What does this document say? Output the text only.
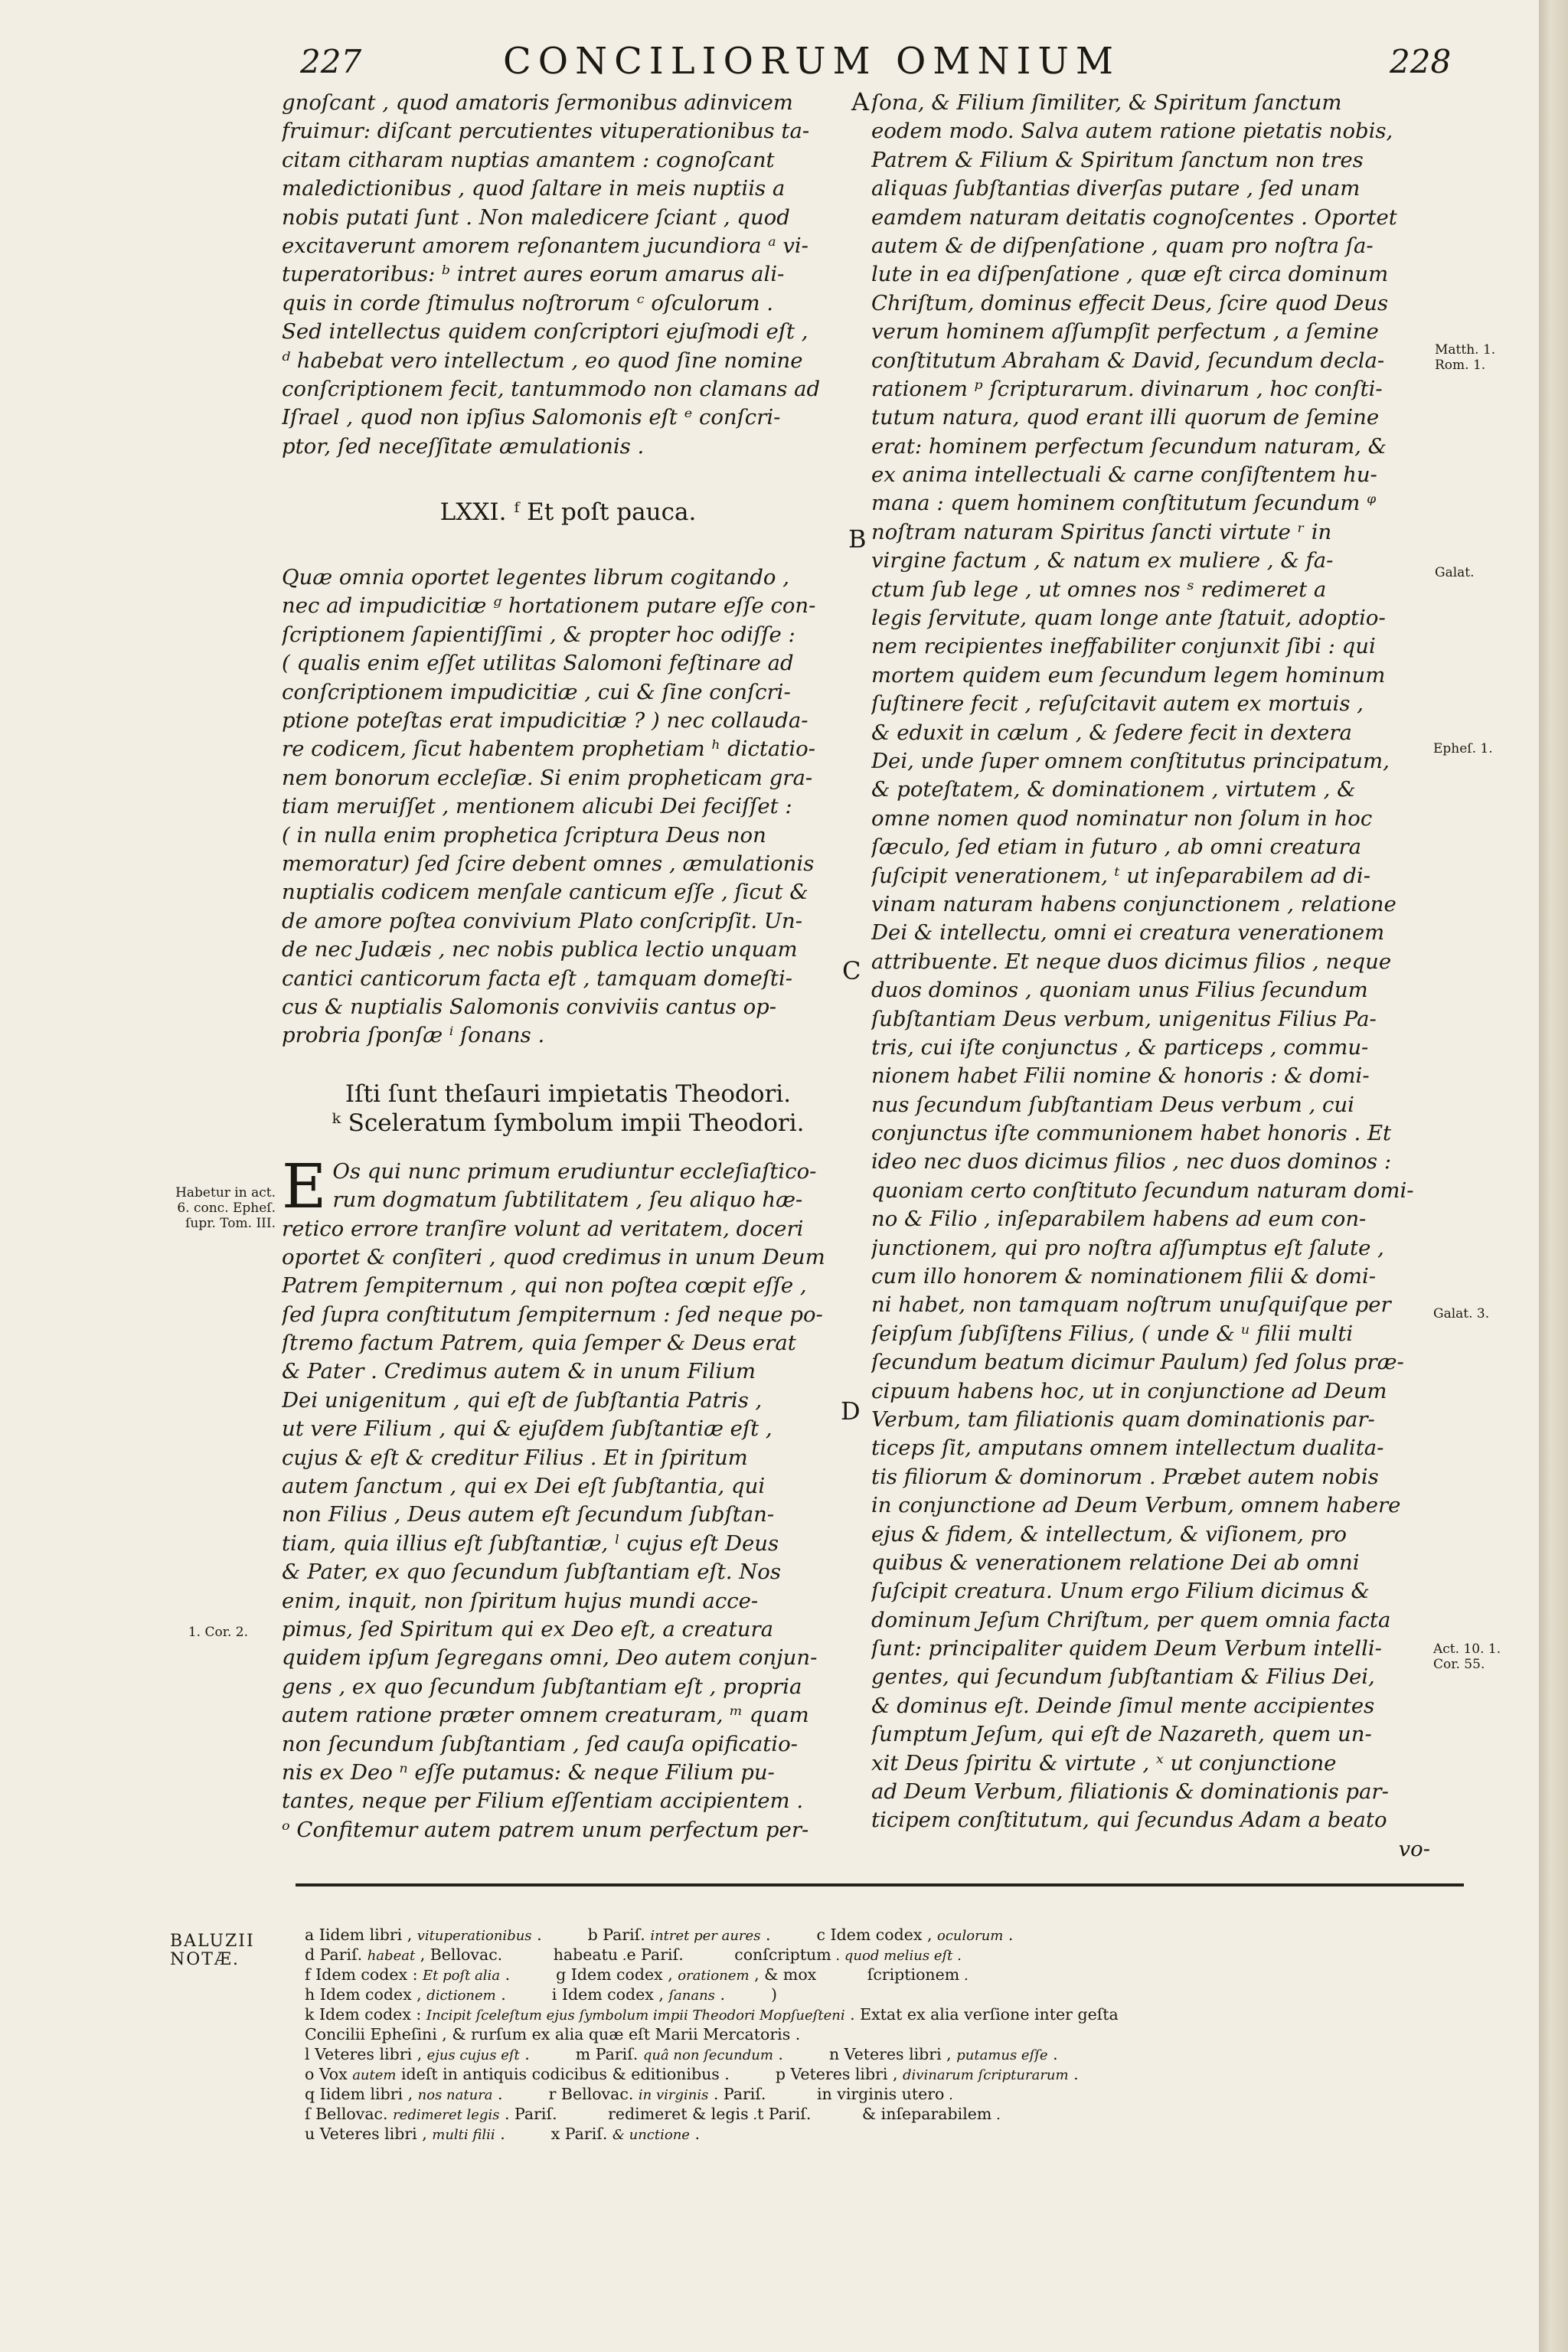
227	CONCILIORUM OMNIUM	228
gnoſcant , quod amatoris ſermonibus adinvicem
fruimur: diſcant percutientes vituperationibus ta-
citam citharam nuptias amantem : cognoſcant
maledictionibus , quod ſaltare in meis nuptiis a
nobis putati ſunt . Non maledicere ſciant , quod
excitaverunt amorem reſonantem jucundiora ᵃ vi-
tuperatoribus: ᵇ intret aures eorum amarus ali-
quis in corde ſtimulus noſtrorum ᶜ oſculorum .
Sed intellectus quidem conſcriptori ejuſmodi eſt ,
ᵈ habebat vero intellectum , eo quod ſine nomine
conſcriptionem fecit, tantummodo non clamans ad
Iſrael , quod non ipſius Salomonis eſt ᵉ conſcri-
ptor, ſed neceſſitate æmulationis .
LXXI. ᶠ Et poſt pauca.
Quæ omnia oportet legentes librum cogitando ,
nec ad impudicitiæ ᵍ hortationem putare eſſe con-
ſcriptionem ſapientiſſimi , & propter hoc odiſſe :
( qualis enim eſſet utilitas Salomoni feſtinare ad
conſcriptionem impudicitiæ , cui & ſine conſcri-
ptione poteſtas erat impudicitiæ ? ) nec collauda-
re codicem, ſicut habentem prophetiam ʰ dictatio-
nem bonorum eccleſiæ. Si enim propheticam gra-
tiam meruiſſet , mentionem alicubi Dei feciſſet :
( in nulla enim prophetica ſcriptura Deus non
memoratur) ſed ſcire debent omnes , æmulationis
nuptialis codicem menſale canticum eſſe , ſicut &
de amore poſtea convivium Plato conſcripſit. Un-
de nec Judæis , nec nobis publica lectio unquam
cantici canticorum facta eſt , tamquam domeſti-
cus & nuptialis Salomonis conviviis cantus op-
probria ſponſæ ⁱ ſonans .
Iſti ſunt theſauri impietatis Theodori.
ᵏ Sceleratum ſymbolum impii Theodori.
E Os qui nunc primum erudiuntur eccleſiaſtico-
rum dogmatum ſubtilitatem , ſeu aliquo hæ-
retico errore tranſire volunt ad veritatem, doceri
oportet & conſiteri , quod credimus in unum Deum
Patrem ſempiternum , qui non poſtea cœpit eſſe ,
ſed ſupra conſtitutum ſempiternum : ſed neque po-
ſtremo factum Patrem, quia ſemper & Deus erat
& Pater . Credimus autem & in unum Filium
Dei unigenitum , qui eſt de ſubſtantia Patris ,
ut vere Filium , qui & ejuſdem ſubſtantiæ eſt ,
cujus & eſt & creditur Filius . Et in ſpiritum
autem ſanctum , qui ex Dei eſt ſubſtantia, qui
non Filius , Deus autem eſt ſecundum ſubſtan-
tiam, quia illius eſt ſubſtantiæ, ˡ cujus eſt Deus
& Pater, ex quo ſecundum ſubſtantiam eſt. Nos
enim, inquit, non ſpiritum hujus mundi acce-
pimus, ſed Spiritum qui ex Deo eſt, a creatura
quidem ipſum ſegregans omni, Deo autem conjun-
gens , ex quo ſecundum ſubſtantiam eſt , propria
autem ratione præter omnem creaturam, ᵐ quam
non ſecundum ſubſtantiam , ſed cauſa opificatio-
nis ex Deo ⁿ eſſe putamus: & neque Filium pu-
tantes, neque per Filium eſſentiam accipientem .
ᵒ Confitemur autem patrem unum perfectum per-
ſona, & Filium ſimiliter, & Spiritum ſanctum
eodem modo. Salva autem ratione pietatis nobis,
Patrem & Filium & Spiritum ſanctum non tres
aliquas ſubſtantias diverſas putare , ſed unam
eamdem naturam deitatis cognoſcentes . Oportet
autem & de diſpenſatione , quam pro noſtra ſa-
lute in ea diſpenſatione , quæ eſt circa dominum
Chriſtum, dominus effecit Deus, ſcire quod Deus
verum hominem aſſumpſit perfectum , a ſemine
conſtitutum Abraham & David, ſecundum decla-
rationem ᵖ ſcripturarum. divinarum , hoc conſti-
tutum natura, quod erant illi quorum de ſemine
erat: hominem perfectum ſecundum naturam, &
ex anima intellectuali & carne conſiſtentem hu-
mana : quem hominem conſtitutum ſecundum ᵠ
noſtram naturam Spiritus ſancti virtute ʳ in
virgine factum , & natum ex muliere , & fa-
ctum ſub lege , ut omnes nos ˢ redimeret a
legis ſervitute, quam longe ante ſtatuit, adoptio-
nem recipientes ineffabiliter conjunxit ſibi : qui
mortem quidem eum ſecundum legem hominum
ſuſtinere fecit , reſuſcitavit autem ex mortuis ,
& eduxit in cælum , & ſedere fecit in dextera
Dei, unde ſuper omnem conſtitutus principatum,
& poteſtatem, & dominationem , virtutem , &
omne nomen quod nominatur non ſolum in hoc
ſæculo, ſed etiam in futuro , ab omni creatura
ſuſcipit venerationem, ᵗ ut inſeparabilem ad di-
vinam naturam habens conjunctionem , relatione
Dei & intellectu, omni ei creatura venerationem
attribuente. Et neque duos dicimus filios , neque
duos dominos , quoniam unus Filius ſecundum
ſubſtantiam Deus verbum, unigenitus Filius Pa-
tris, cui iſte conjunctus , & particeps , commu-
nionem habet Filii nomine & honoris : & domi-
nus ſecundum ſubſtantiam Deus verbum , cui
conjunctus iſte communionem habet honoris . Et
ideo nec duos dicimus filios , nec duos dominos :
quoniam certo conſtituto ſecundum naturam domi-
no & Filio , inſeparabilem habens ad eum con-
junctionem, qui pro noſtra aſſumptus eſt ſalute ,
cum illo honorem & nominationem filii & domi-
ni habet, non tamquam noſtrum unuſquiſque per
ſeipſum ſubſiſtens Filius, ( unde & ᵘ filii multi
ſecundum beatum dicimur Paulum) ſed ſolus præ-
cipuum habens hoc, ut in conjunctione ad Deum
Verbum, tam filiationis quam dominationis par-
ticeps ſit, amputans omnem intellectum dualita-
tis filiorum & dominorum . Præbet autem nobis
in conjunctione ad Deum Verbum, omnem habere
ejus & fidem, & intellectum, & viſionem, pro
quibus & venerationem relatione Dei ab omni
ſuſcipit creatura. Unum ergo Filium dicimus &
dominum Jeſum Chriſtum, per quem omnia facta
ſunt: principaliter quidem Deum Verbum intelli-
gentes, qui ſecundum ſubſtantiam & Filius Dei,
& dominus eſt. Deinde ſimul mente accipientes
ſumptum Jeſum, qui eſt de Nazareth, quem un-
xit Deus ſpiritu & virtute , ˣ ut conjunctione
ad Deum Verbum, filiationis & dominationis par-
ticipem conſtitutum, qui ſecundus Adam a beato
vo-
A
B
C
D
Habetur in act. 6. conc. Epheſ. ſupr. Tom. III.
1. Cor. 2.
Matth. 1. Rom. 1.
Galat.
Epheſ. 1.
Galat. 3.
Act. 10. 1. Cor. 55.
BALUZII NOTÆ.
a Iidem libri , vituperationibus .	b Pariſ. intret per aures .	c Idem codex , oculorum .
d Pariſ. habeat , Bellovac.	habeatu .e Pariſ.	conſcriptum . quod melius eſt .
f Idem codex : Et poſt alia .	g Idem codex , orationem , & mox	ſcriptionem .
h Idem codex , dictionem .	i Idem codex , ſanans .	)
k Idem codex : Incipit ſceleſtum ejus ſymbolum impii Theodori Mopſueſteni . Extat ex alia verſione inter geſta
Concilii Epheſini , & rurſum ex alia quæ eſt Marii Mercatoris .
l Veteres libri , ejus cujus eſt .	m Pariſ. quâ non ſecundum .	n Veteres libri , putamus eſſe .
o Vox autem ideſt in antiquis codicibus & editionibus .	p Veteres libri , divinarum ſcripturarum .
q Iidem libri , nos natura .	r Bellovac. in virginis . Pariſ.	in virginis utero .
ſ Bellovac. redimeret legis . Pariſ.	redimeret & legis .t Pariſ.	& inſeparabilem .
u Veteres libri , multi filii .	x Pariſ. & unctione .
